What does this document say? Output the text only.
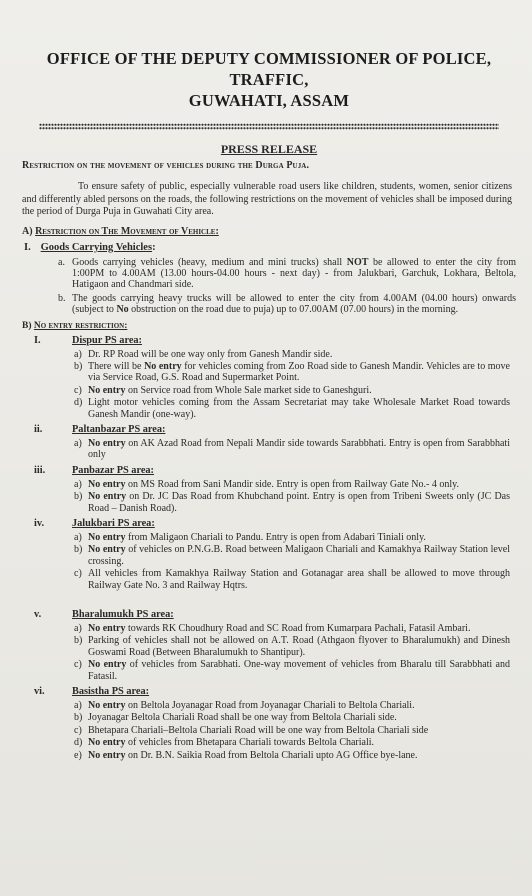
OFFICE OF THE DEPUTY COMMISSIONER OF POLICE, TRAFFIC,
GUWAHATI, ASSAM
PRESS RELEASE
Restriction on the movement of vehicles during the Durga Puja.
To ensure safety of public, especially vulnerable road users like children, students, women, senior citizens and differently abled persons on the roads, the following restrictions on the movement of vehicles shall be imposed during the period of Durga Puja in Guwahati City area.
A) Restriction on The Movement of Vehicle:
I. Goods Carrying Vehicles:
a. Goods carrying vehicles (heavy, medium and mini trucks) shall NOT be allowed to enter the city from 1:00PM to 4.00AM (13.00 hours-04.00 hours - next day) - from Jalukbari, Garchuk, Lokhara, Beltola, Hatigaon and Chandmari side.
b. The goods carrying heavy trucks will be allowed to enter the city from 4.00AM (04.00 hours) onwards (subject to No obstruction on the road due to puja) up to 07.00AM (07.00 hours) in the morning.
B) No entry restriction:
I.	Dispur PS area:
a) Dr. RP Road will be one way only from Ganesh Mandir side.
b) There will be No entry for vehicles coming from Zoo Road side to Ganesh Mandir. Vehicles are to move via Service Road, G.S. Road and Supermarket Point.
c) No entry on Service road from Whole Sale market side to Ganeshguri.
d) Light motor vehicles coming from the Assam Secretariat may take Wholesale Market Road towards Ganesh Mandir (one-way).
ii.	Paltanbazar PS area:
a) No entry on AK Azad Road from Nepali Mandir side towards Sarabbhati. Entry is open from Sarabbhati only
iii.	Panbazar PS area:
a) No entry on MS Road from Sani Mandir side. Entry is open from Railway Gate No.- 4 only.
b) No entry on Dr. JC Das Road from Khubchand point. Entry is open from Tribeni Sweets only (JC Das Road – Danish Road).
iv.	Jalukbari PS area:
a) No entry from Maligaon Chariali to Pandu. Entry is open from Adabari Tiniali only.
b) No entry of vehicles on P.N.G.B. Road between Maligaon Chariali and Kamakhya Railway Station level crossing.
c) All vehicles from Kamakhya Railway Station and Gotanagar area shall be allowed to move through Railway Gate No. 3 and Railway Hqtrs.
v.	Bharalumukh PS area:
a) No entry towards RK Choudhury Road and SC Road from Kumarpara Pachali, Fatasil Ambari.
b) Parking of vehicles shall not be allowed on A.T. Road (Athgaon flyover to Bharalumukh) and Dinesh Goswami Road (Between Bharalumukh to Shantipur).
c) No entry of vehicles from Sarabhati. One-way movement of vehicles from Bharalu till Sarabbhati and Fatasil.
vi.	Basistha PS area:
a) No entry on Beltola Joyanagar Road from Joyanagar Chariali to Beltola Chariali.
b) Joyanagar Beltola Chariali Road shall be one way from Beltola Chariali side.
c) Bhetapara Chariali–Beltola Chariali Road will be one way from Beltola Chariali side
d) No entry of vehicles from Bhetapara Chariali towards Beltola Chariali.
e) No entry on Dr. B.N. Saikia Road from Beltola Chariali upto AG Office bye-lane.
